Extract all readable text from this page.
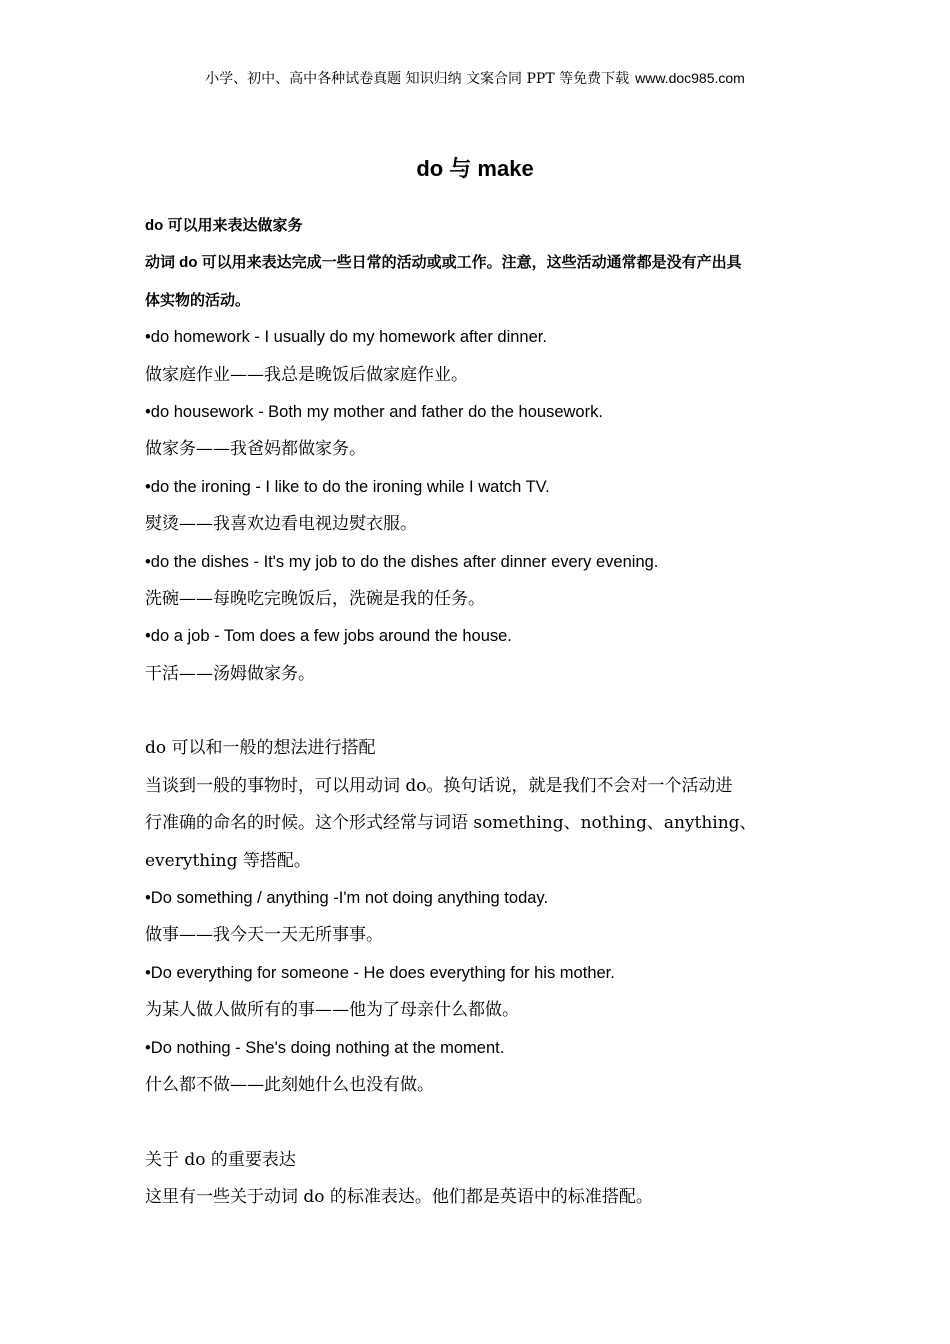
小学、初中、高中各种试卷真题 知识归纳 文案合同 PPT 等免费下载 www.doc985.com
do 与 make

do 可以用来表达做家务

动词 do 可以用来表达完成一些日常的活动或或工作。注意，这些活动通常都是没有产出具

体实物的活动。

•do homework - I usually do my homework after dinner.

做家庭作业——我总是晚饭后做家庭作业。

•do housework - Both my mother and father do the housework.

做家务——我爸妈都做家务。

•do the ironing - I like to do the ironing while I watch TV.

熨烫——我喜欢边看电视边熨衣服。

•do the dishes - It's my job to do the dishes after dinner every evening.

洗碗——每晚吃完晚饭后，洗碗是我的任务。

•do a job - Tom does a few jobs around the house.

干活——汤姆做家务。

do 可以和一般的想法进行搭配

当谈到一般的事物时，可以用动词 do。换句话说，就是我们不会对一个活动进

行准确的命名的时候。这个形式经常与词语 something、nothing、anything、

everything 等搭配。

•Do something / anything -I'm not doing anything today.

做事——我今天一天无所事事。

•Do everything for someone - He does everything for his mother.

为某人做人做所有的事——他为了母亲什么都做。

•Do nothing - She's doing nothing at the moment.

什么都不做——此刻她什么也没有做。

关于 do 的重要表达

这里有一些关于动词 do 的标准表达。他们都是英语中的标准搭配。
